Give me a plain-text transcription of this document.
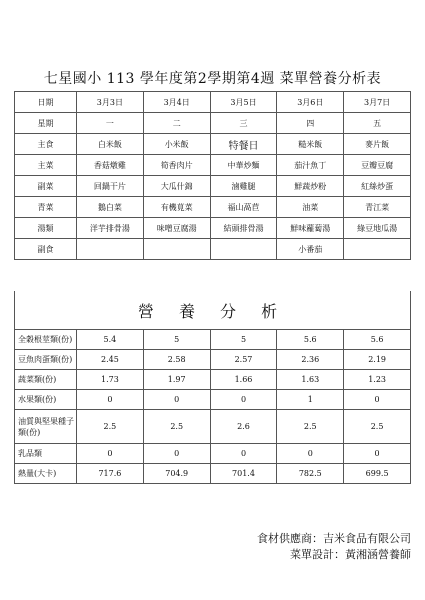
七星國小 113 學年度第2學期第4週 菜單營養分析表
日期	3月3日	3月4日	3月5日	3月6日	3月7日
星期	一	二	三	四	五
主食	白米飯	小米飯	特餐日	糙米飯	麥片飯
主菜	香菇燉雞	筍香肉片	中華炒麵	茄汁魚丁	豆瓣豆腐
副菜	回鍋干片	大瓜什錦	滷雞腿	鮮蔬炒粉	紅絲炒蛋
青菜	鵝白菜	有機莧菜	福山萵苣	油菜	青江菜
湯類	洋芋排骨湯	味噌豆腐湯	結頭排骨湯	鮮味蘿蔔湯	綠豆地瓜湯
副食				小番茄	
營 養 分 析					
全穀根莖類(份)	5.4	5	5	5.6	5.6
豆魚肉蛋類(份)	2.45	2.58	2.57	2.36	2.19
蔬菜類(份)	1.73	1.97	1.66	1.63	1.23
水果類(份)	0	0	0	1	0
油質與堅果種子類(份)	2.5	2.5	2.6	2.5	2.5
乳品類	0	0	0	0	0
熱量(大卡)	717.6	704.9	701.4	782.5	699.5
食材供應商：吉米食品有限公司
菜單設計：黃湘涵營養師
